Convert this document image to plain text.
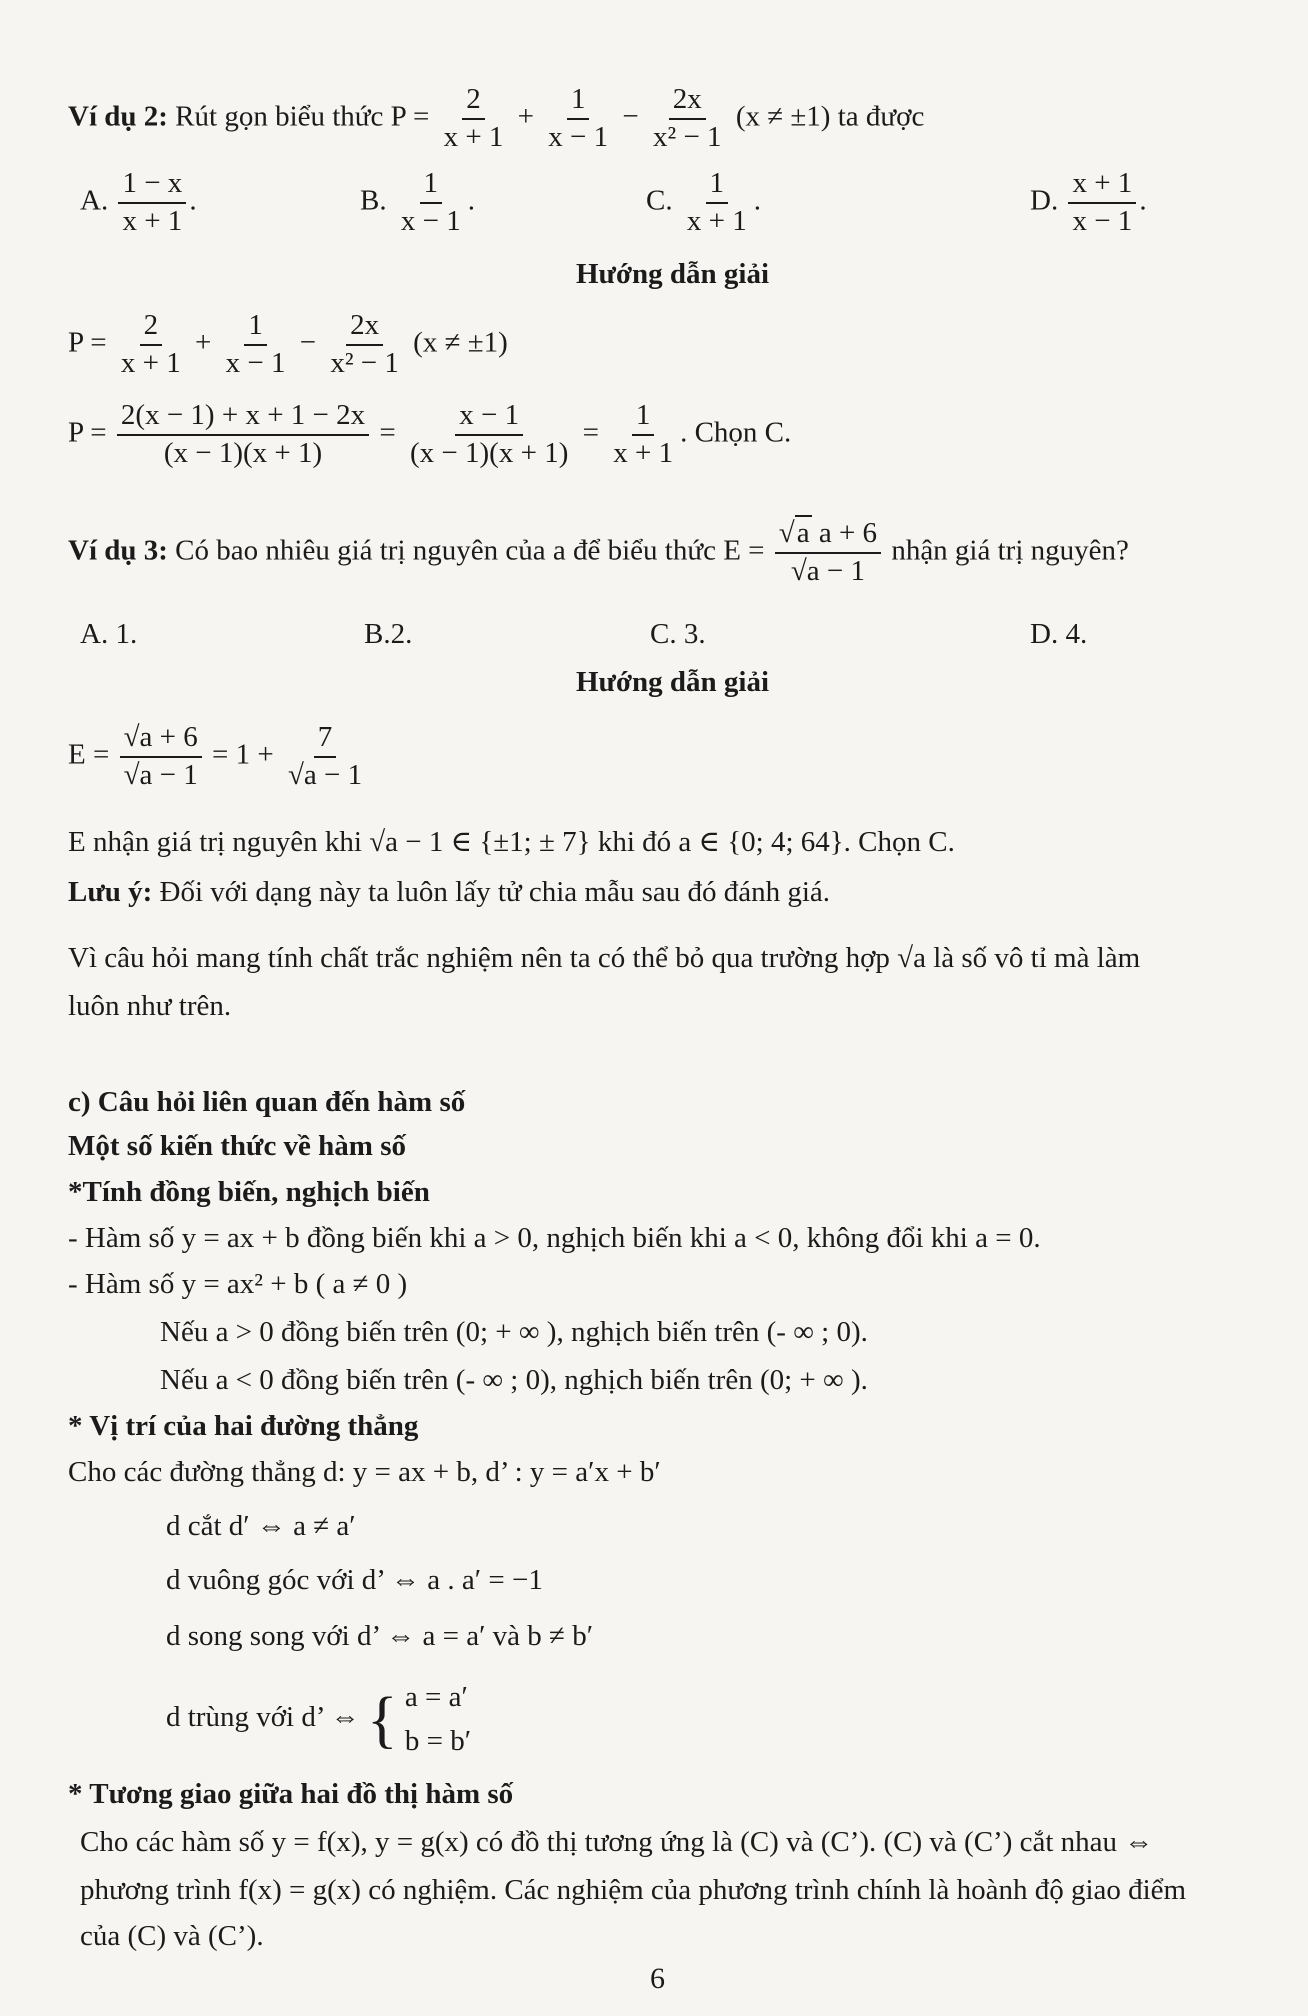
Ví dụ 2: Rút gọn biểu thức $P = \frac{2}{x + 1} + \frac{1}{x - 1} - \frac{2x}{\text{x² − 1}} (x \ne \pm 1)$ ta được
A. $\frac{1 - x}{x + 1}$ .	B. $\frac{1}{x - 1}$ .	C. $\frac{1}{x + 1}$ .	D. $\frac{x + 1}{x - 1}$ .
Hướng dẫn giải
$P = \frac{2}{x + 1} + \frac{1}{x - 1} - \frac{2x}{\text{x² − 1}} (x \ne \pm 1)$
$P = \frac{2(x - 1) + x + 1 - 2x}{(x - 1)(x + 1)} = \frac{x - 1}{(x - 1)(x + 1)} = \frac{1}{x + 1}$ . Chọn C.
Ví dụ 3: Có bao nhiêu giá trị nguyên của a để biểu thức $E = \frac{\text{√a a + 6}}{√a - 1}$ nhận giá trị nguyên?
A. 1.	B.2.	C. 3.	D. 4.
Hướng dẫn giải
$E = \frac{√a + 6}{√a - 1} = 1 + \frac{7}{√a - 1}$
E nhận giá trị nguyên khi √a − 1 ∈ {±1; ± 7} khi đó a ∈ {0; 4; 64}. Chọn C.
Lưu ý: Đối với dạng này ta luôn lấy tử chia mẫu sau đó đánh giá.
Vì câu hỏi mang tính chất trắc nghiệm nên ta có thể bỏ qua trường hợp √a là số vô tỉ mà làm
luôn như trên.
c) Câu hỏi liên quan đến hàm số
Một số kiến thức về hàm số
*Tính đồng biến, nghịch biến
- Hàm số y = ax + b đồng biến khi a > 0, nghịch biến khi a < 0, không đổi khi a = 0.
- Hàm số y = ax² + b ( a ≠ 0 )
Nếu a > 0 đồng biến trên (0; + ∞ ), nghịch biến trên (- ∞ ; 0).
Nếu a < 0 đồng biến trên (- ∞ ; 0), nghịch biến trên (0; + ∞ ).
* Vị trí của hai đường thẳng
Cho các đường thẳng d: y = ax + b, d’ : y = a′x + b′
d cắt d′ ⇔ a ≠ a′
d vuông góc với d’ ⇔ a . a′ = −1
d song song với d’ ⇔ a = a′ và b ≠ b′
d trùng với d’ ⇔ { a = a′
b = b′
* Tương giao giữa hai đồ thị hàm số
Cho các hàm số y = f(x), y = g(x) có đồ thị tương ứng là (C) và (C’). (C) và (C’) cắt nhau ⇔
phương trình f(x) = g(x) có nghiệm. Các nghiệm của phương trình chính là hoành độ giao điểm
của (C) và (C’).
6
